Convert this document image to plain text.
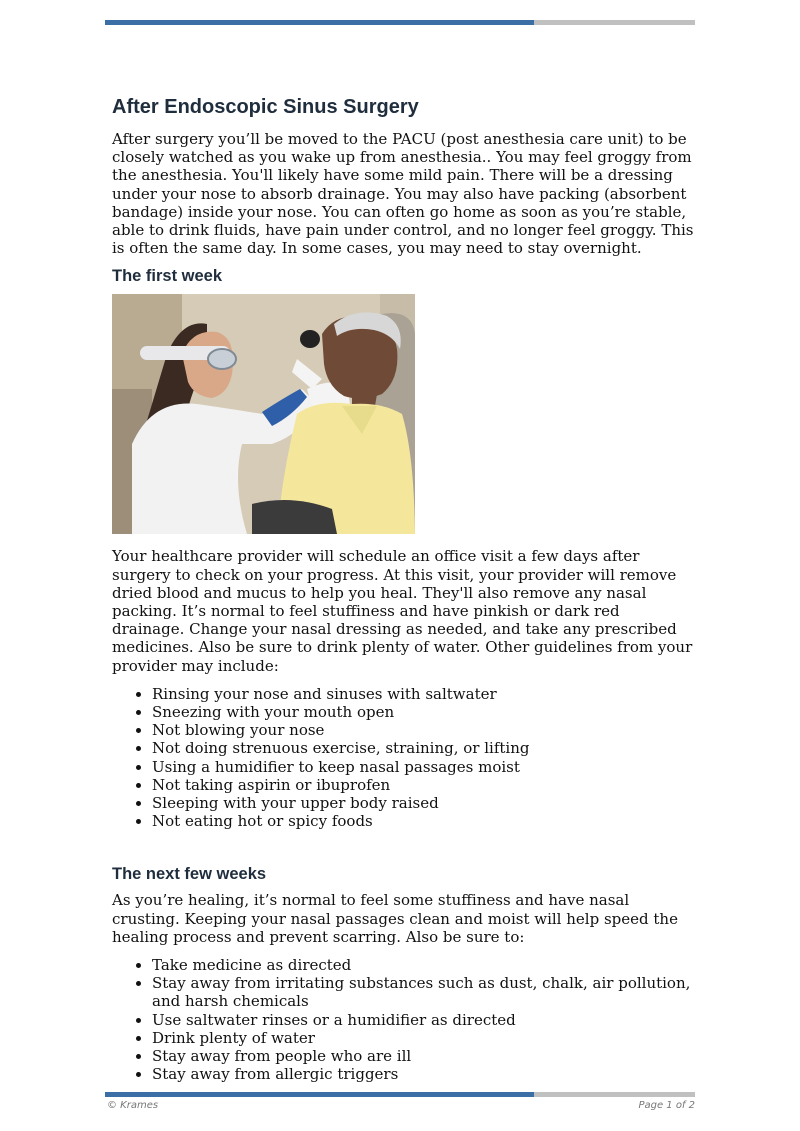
After Endoscopic Sinus Surgery

After surgery you’ll be moved to the PACU (post anesthesia care unit) to be closely watched as you wake up from anesthesia.. You may feel groggy from the anesthesia. You'll likely have some mild pain. There will be a dressing under your nose to absorb drainage. You may also have packing (absorbent bandage) inside your nose. You can often go home as soon as you’re stable, able to drink fluids, have pain under control, and no longer feel groggy. This is often the same day. In some cases, you may need to stay overnight.

The first week

Your healthcare provider will schedule an office visit a few days after surgery to check on your progress. At this visit, your provider will remove dried blood and mucus to help you heal. They'll also remove any nasal packing. It’s normal to feel stuffiness and have pinkish or dark red drainage. Change your nasal dressing as needed, and take any prescribed medicines. Also be sure to drink plenty of water. Other guidelines from your provider may include:

• Rinsing your nose and sinuses with saltwater
• Sneezing with your mouth open
• Not blowing your nose
• Not doing strenuous exercise, straining, or lifting
• Using a humidifier to keep nasal passages moist
• Not taking aspirin or ibuprofen
• Sleeping with your upper body raised
• Not eating hot or spicy foods
The next few weeks

As you’re healing, it’s normal to feel some stuffiness and have nasal crusting. Keeping your nasal passages clean and moist will help speed the healing process and prevent scarring. Also be sure to:

• Take medicine as directed
• Stay away from irritating substances such as dust, chalk, air pollution, and harsh chemicals
• Use saltwater rinses or a humidifier as directed
• Drink plenty of water
• Stay away from people who are ill
• Stay away from allergic triggers
© Krames	Page 1 of 2
